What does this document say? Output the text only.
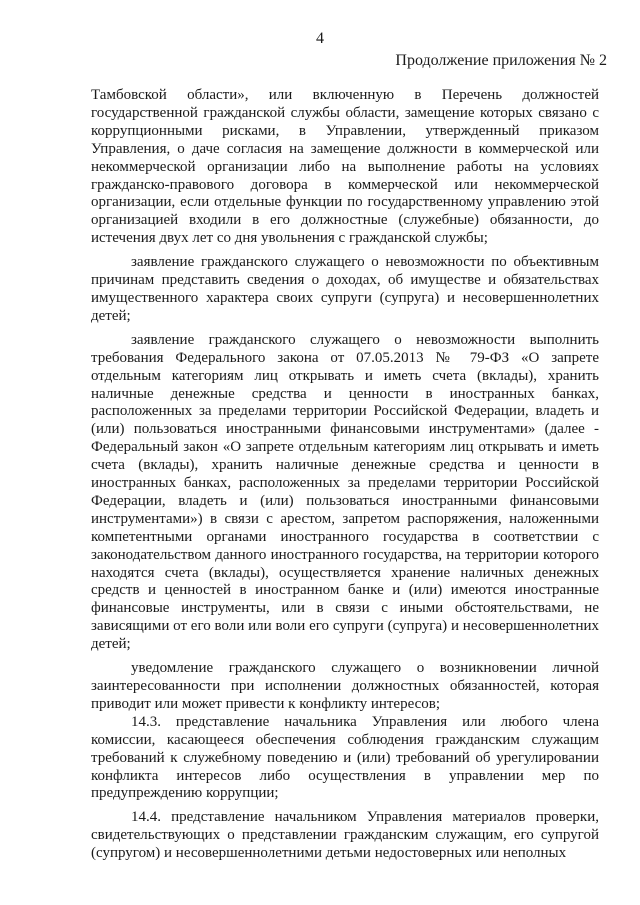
4
Продолжение приложения № 2

Тамбовской области», или включенную в Перечень должностей государственной гражданской службы области, замещение которых связано с коррупционными рисками, в Управлении, утвержденный приказом Управления, о даче согласия на замещение должности в коммерческой или некоммерческой организации либо на выполнение работы на условиях гражданско-правового договора в коммерческой или некоммерческой организации, если отдельные функции по государственному управлению этой организацией входили в его должностные (служебные) обязанности, до истечения двух лет со дня увольнения с гражданской службы;

заявление гражданского служащего о невозможности по объективным причинам представить сведения о доходах, об имуществе и обязательствах имущественного характера своих супруги (супруга) и несовершеннолетних детей;

заявление гражданского служащего о невозможности выполнить требования Федерального закона от 07.05.2013 № 79-ФЗ «О запрете отдельным категориям лиц открывать и иметь счета (вклады), хранить наличные денежные средства и ценности в иностранных банках, расположенных за пределами территории Российской Федерации, владеть и (или) пользоваться иностранными финансовыми инструментами» (далее - Федеральный закон «О запрете отдельным категориям лиц открывать и иметь счета (вклады), хранить наличные денежные средства и ценности в иностранных банках, расположенных за пределами территории Российской Федерации, владеть и (или) пользоваться иностранными финансовыми инструментами») в связи с арестом, запретом распоряжения, наложенными компетентными органами иностранного государства в соответствии с законодательством данного иностранного государства, на территории которого находятся счета (вклады), осуществляется хранение наличных денежных средств и ценностей в иностранном банке и (или) имеются иностранные финансовые инструменты, или в связи с иными обстоятельствами, не зависящими от его воли или воли его супруги (супруга) и несовершеннолетних детей;

уведомление гражданского служащего о возникновении личной заинтересованности при исполнении должностных обязанностей, которая приводит или может привести к конфликту интересов;

14.3. представление начальника Управления или любого члена комиссии, касающееся обеспечения соблюдения гражданским служащим требований к служебному поведению и (или) требований об урегулировании конфликта интересов либо осуществления в управлении мер по предупреждению коррупции;

14.4. представление начальником Управления материалов проверки, свидетельствующих о представлении гражданским служащим, его супругой (супругом) и несовершеннолетними детьми недостоверных или неполных
